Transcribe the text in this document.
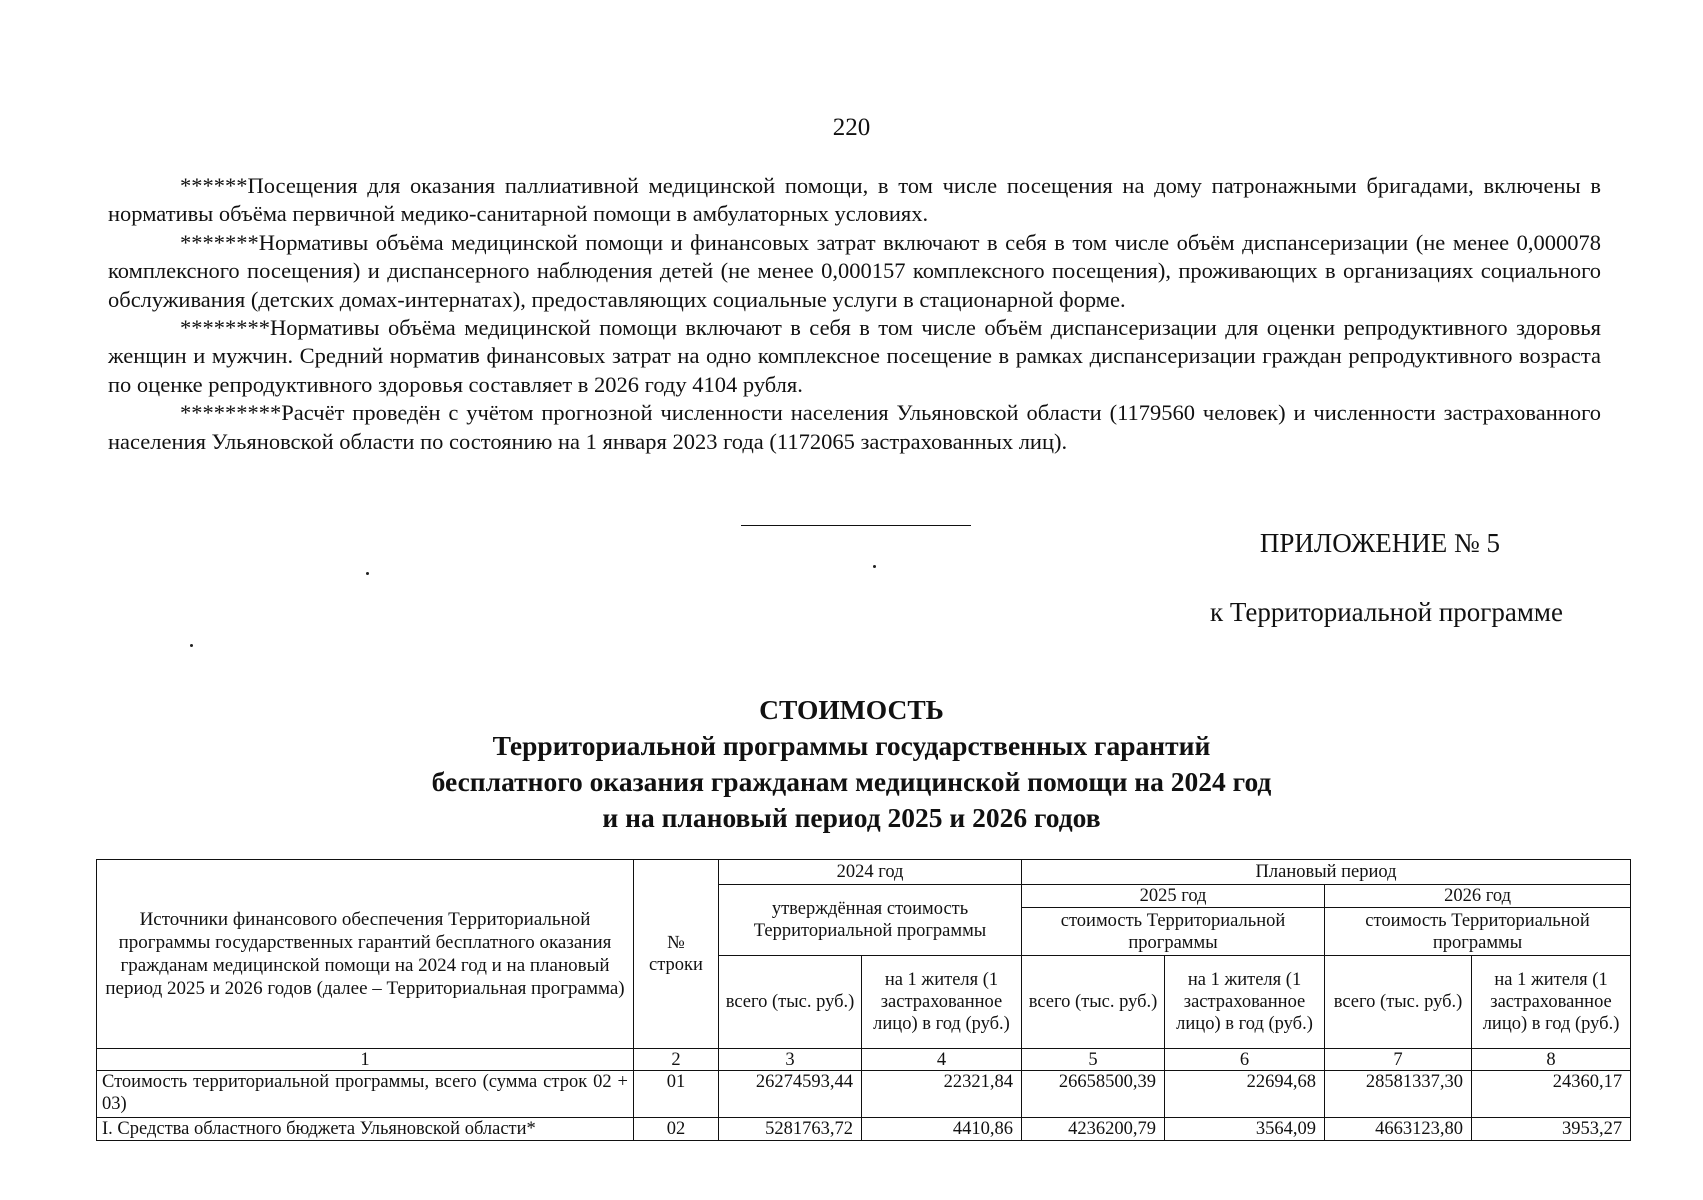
220

******Посещения для оказания паллиативной медицинской помощи, в том числе посещения на дому патронажными бригадами, включены в нормативы объёма первичной медико-санитарной помощи в амбулаторных условиях.

*******Нормативы объёма медицинской помощи и финансовых затрат включают в себя в том числе объём диспансеризации (не менее 0,000078 комплексного посещения) и диспансерного наблюдения детей (не менее 0,000157 комплексного посещения), проживающих в организациях социального обслуживания (детских домах-интернатах), предоставляющих социальные услуги в стационарной форме.

********Нормативы объёма медицинской помощи включают в себя в том числе объём диспансеризации для оценки репродуктивного здоровья женщин и мужчин. Средний норматив финансовых затрат на одно комплексное посещение в рамках диспансеризации граждан репродуктивного возраста по оценке репродуктивного здоровья составляет в 2026 году 4104 рубля.

*********Расчёт проведён с учётом прогнозной численности населения Ульяновской области (1179560 человек) и численности застрахованного населения Ульяновской области по состоянию на 1 января 2023 года (1172065 застрахованных лиц).

ПРИЛОЖЕНИЕ № 5
к Территориальной программе
СТОИМОСТЬ
Территориальной программы государственных гарантий
бесплатного оказания гражданам медицинской помощи на 2024 год
и на плановый период 2025 и 2026 годов
Источники финансового обеспечения Территориальной программы государственных гарантий бесплатного оказания гражданам медицинской помощи на 2024 год и на плановый период 2025 и 2026 годов (далее – Территориальная программа)	№ строки	2024 год		Плановый период			
		утверждённая стоимость Территориальной программы		2025 год		2026 год	
				стоимость Территориальной программы		стоимость Территориальной программы	
		всего (тыс. руб.)	на 1 жителя (1 застрахованное лицо) в год (руб.)	всего (тыс. руб.)	на 1 жителя (1 застрахованное лицо) в год (руб.)	всего (тыс. руб.)	на 1 жителя (1 застрахованное лицо) в год (руб.)
1	2	3	4	5	6	7	8
Стоимость территориальной программы, всего (сумма строк 02 + 03)	01	26274593,44	22321,84	26658500,39	22694,68	28581337,30	24360,17
I. Средства областного бюджета Ульяновской области*	02	5281763,72	4410,86	4236200,79	3564,09	4663123,80	3953,27
